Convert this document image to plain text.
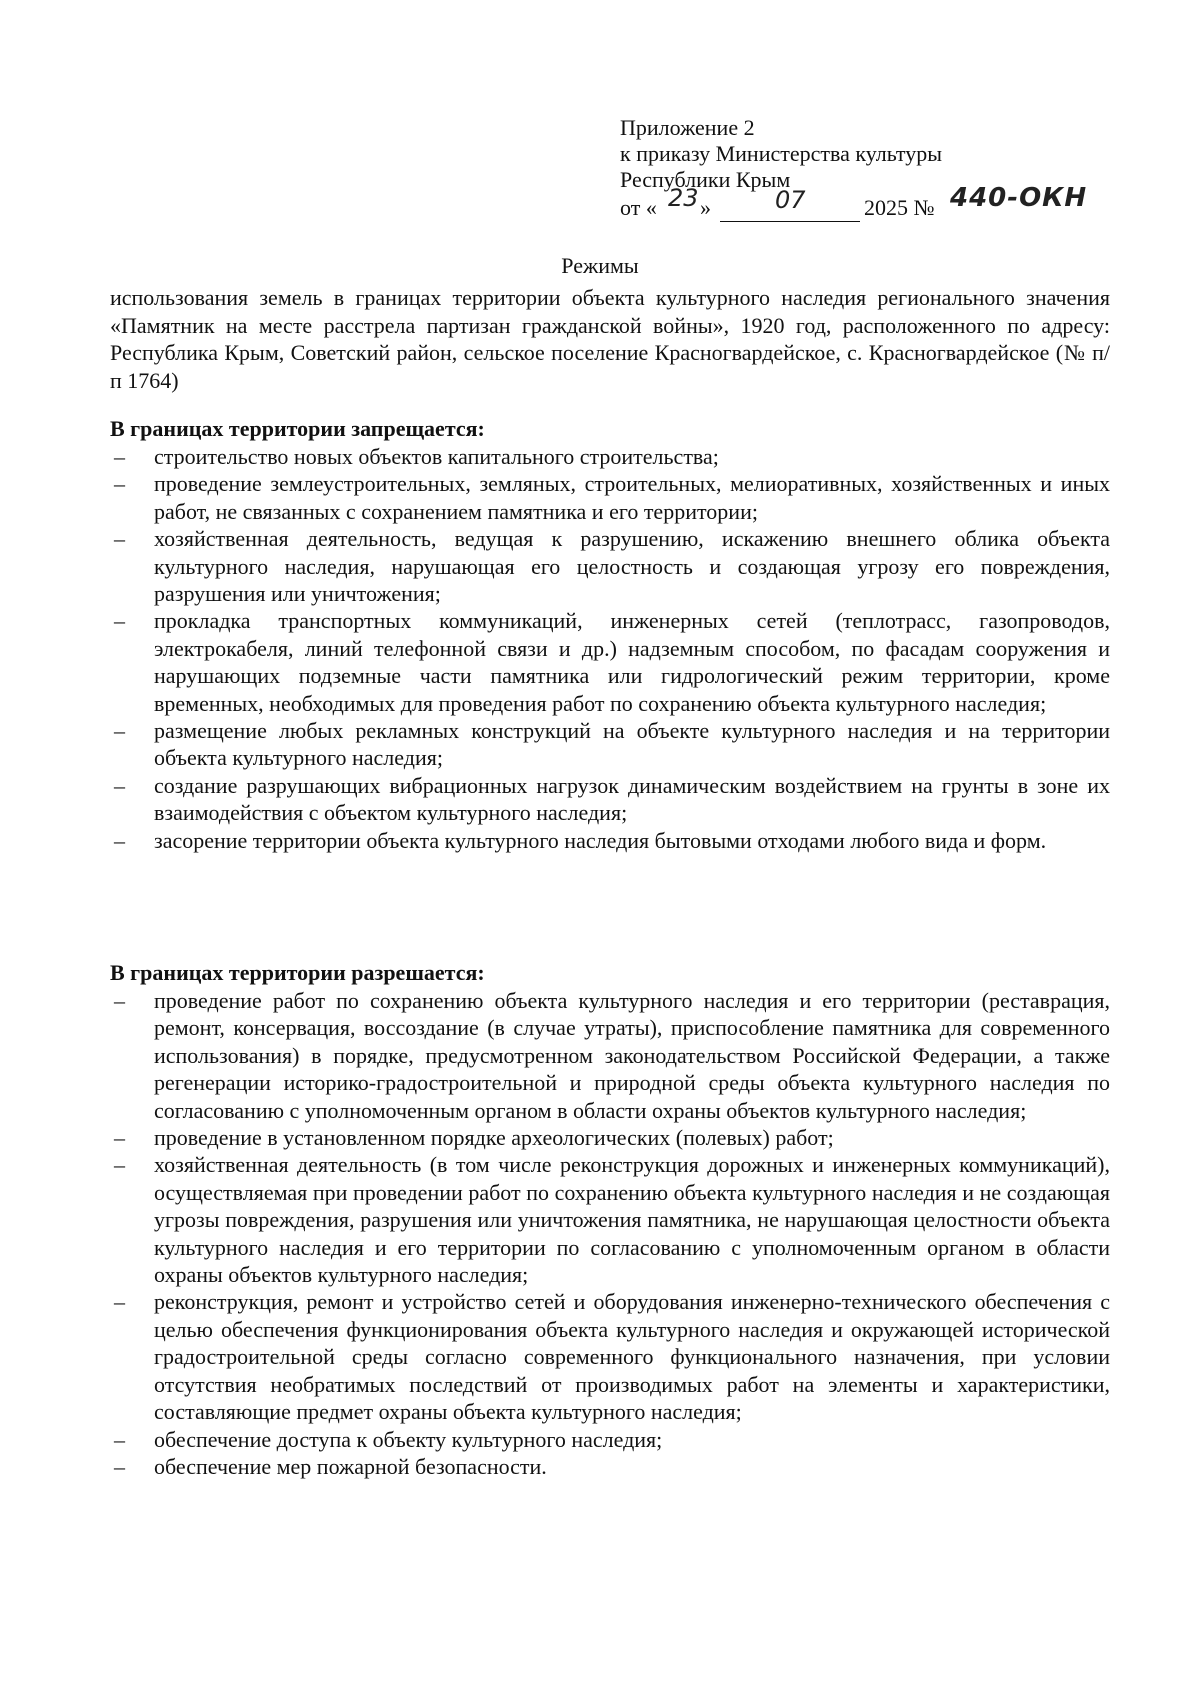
Приложение 2
к приказу Министерства культуры
Республики Крым
от « 23 »	07	2025 № 440-ОКН
Режимы
использования земель в границах территории объекта культурного наследия регионального значения «Памятник на месте расстрела партизан гражданской войны», 1920 год, расположенного по адресу: Республика Крым, Советский район, сельское поселение Красногвардейское, с. Красногвардейское (№ п/п 1764)
В границах территории запрещается:
– строительство новых объектов капитального строительства;
– проведение землеустроительных, земляных, строительных, мелиоративных, хозяйственных и иных работ, не связанных с сохранением памятника и его территории;
– хозяйственная деятельность, ведущая к разрушению, искажению внешнего облика объекта культурного наследия, нарушающая его целостность и создающая угрозу его повреждения, разрушения или уничтожения;
– прокладка транспортных коммуникаций, инженерных сетей (теплотрасс, газопроводов, электрокабеля, линий телефонной связи и др.) надземным способом, по фасадам сооружения и нарушающих подземные части памятника или гидрологический режим территории, кроме временных, необходимых для проведения работ по сохранению объекта культурного наследия;
– размещение любых рекламных конструкций на объекте культурного наследия и на территории объекта культурного наследия;
– создание разрушающих вибрационных нагрузок динамическим воздействием на грунты в зоне их взаимодействия с объектом культурного наследия;
– засорение территории объекта культурного наследия бытовыми отходами любого вида и форм.
В границах территории разрешается:
– проведение работ по сохранению объекта культурного наследия и его территории (реставрация, ремонт, консервация, воссоздание (в случае утраты), приспособление памятника для современного использования) в порядке, предусмотренном законодательством Российской Федерации, а также регенерации историко-градостроительной и природной среды объекта культурного наследия по согласованию с уполномоченным органом в области охраны объектов культурного наследия;
– проведение в установленном порядке археологических (полевых) работ;
– хозяйственная деятельность (в том числе реконструкция дорожных и инженерных коммуникаций), осуществляемая при проведении работ по сохранению объекта культурного наследия и не создающая угрозы повреждения, разрушения или уничтожения памятника, не нарушающая целостности объекта культурного наследия и его территории по согласованию с уполномоченным органом в области охраны объектов культурного наследия;
– реконструкция, ремонт и устройство сетей и оборудования инженерно-технического обеспечения с целью обеспечения функционирования объекта культурного наследия и окружающей исторической градостроительной среды согласно современного функционального назначения, при условии отсутствия необратимых последствий от производимых работ на элементы и характеристики, составляющие предмет охраны объекта культурного наследия;
– обеспечение доступа к объекту культурного наследия;
– обеспечение мер пожарной безопасности.
